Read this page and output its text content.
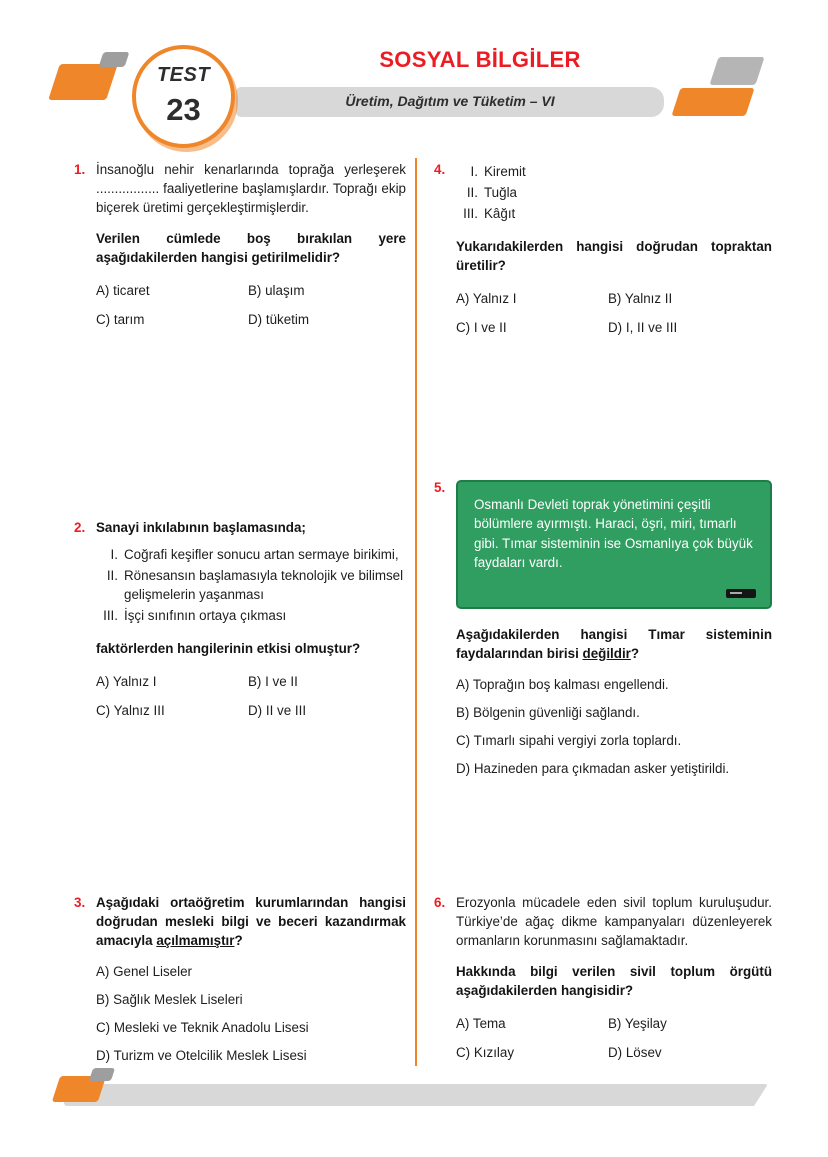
SOSYAL BİLGİLER
Üretim, Dağıtım ve Tüketim – VI
TEST
23
1. İnsanoğlu nehir kenarlarında toprağa yerleşerek ................. faaliyetlerine başlamışlardır. Toprağı ekip biçerek üretimi gerçekleştirmişlerdir.

Verilen cümlede boş bırakılan yere aşağıdakilerden hangisi getirilmelidir?

A) ticaret	B) ulaşım
C) tarım	D) tüketim
2. Sanayi inkılabının başlamasında;

I. Coğrafi keşifler sonucu artan sermaye birikimi,
II. Rönesansın başlamasıyla teknolojik ve bilimsel gelişmelerin yaşanması
III. İşçi sınıfının ortaya çıkması

faktörlerden hangilerinin etkisi olmuştur?

A) Yalnız I	B) I ve II
C) Yalnız III	D) II ve III
3. Aşağıdaki ortaöğretim kurumlarından hangisi doğrudan mesleki bilgi ve beceri kazandırmak amacıyla açılmamıştır?

A) Genel Liseler
B) Sağlık Meslek Liseleri
C) Mesleki ve Teknik Anadolu Lisesi
D) Turizm ve Otelcilik Meslek Lisesi
4.	I. Kiremit
II. Tuğla
III. Kâğıt

Yukarıdakilerden hangisi doğrudan topraktan üretilir?

A) Yalnız I	B) Yalnız II
C) I ve II	D) I, II ve III
5.

Osmanlı Devleti toprak yönetimini çeşitli bölümlere ayırmıştı. Haraci, öşri, miri, tımarlı gibi. Tımar sisteminin ise Osmanlıya çok büyük faydaları vardı.

Aşağıdakilerden hangisi Tımar sisteminin faydalarından birisi değildir?

A) Toprağın boş kalması engellendi.
B) Bölgenin güvenliği sağlandı.
C) Tımarlı sipahi vergiyi zorla toplardı.
D) Hazineden para çıkmadan asker yetiştirildi.
6. Erozyonla mücadele eden sivil toplum kuruluşudur. Türkiye’de ağaç dikme kampanyaları düzenleyerek ormanların korunmasını sağlamaktadır.

Hakkında bilgi verilen sivil toplum örgütü aşağıdakilerden hangisidir?

A) Tema	B) Yeşilay
C) Kızılay	D) Lösev
